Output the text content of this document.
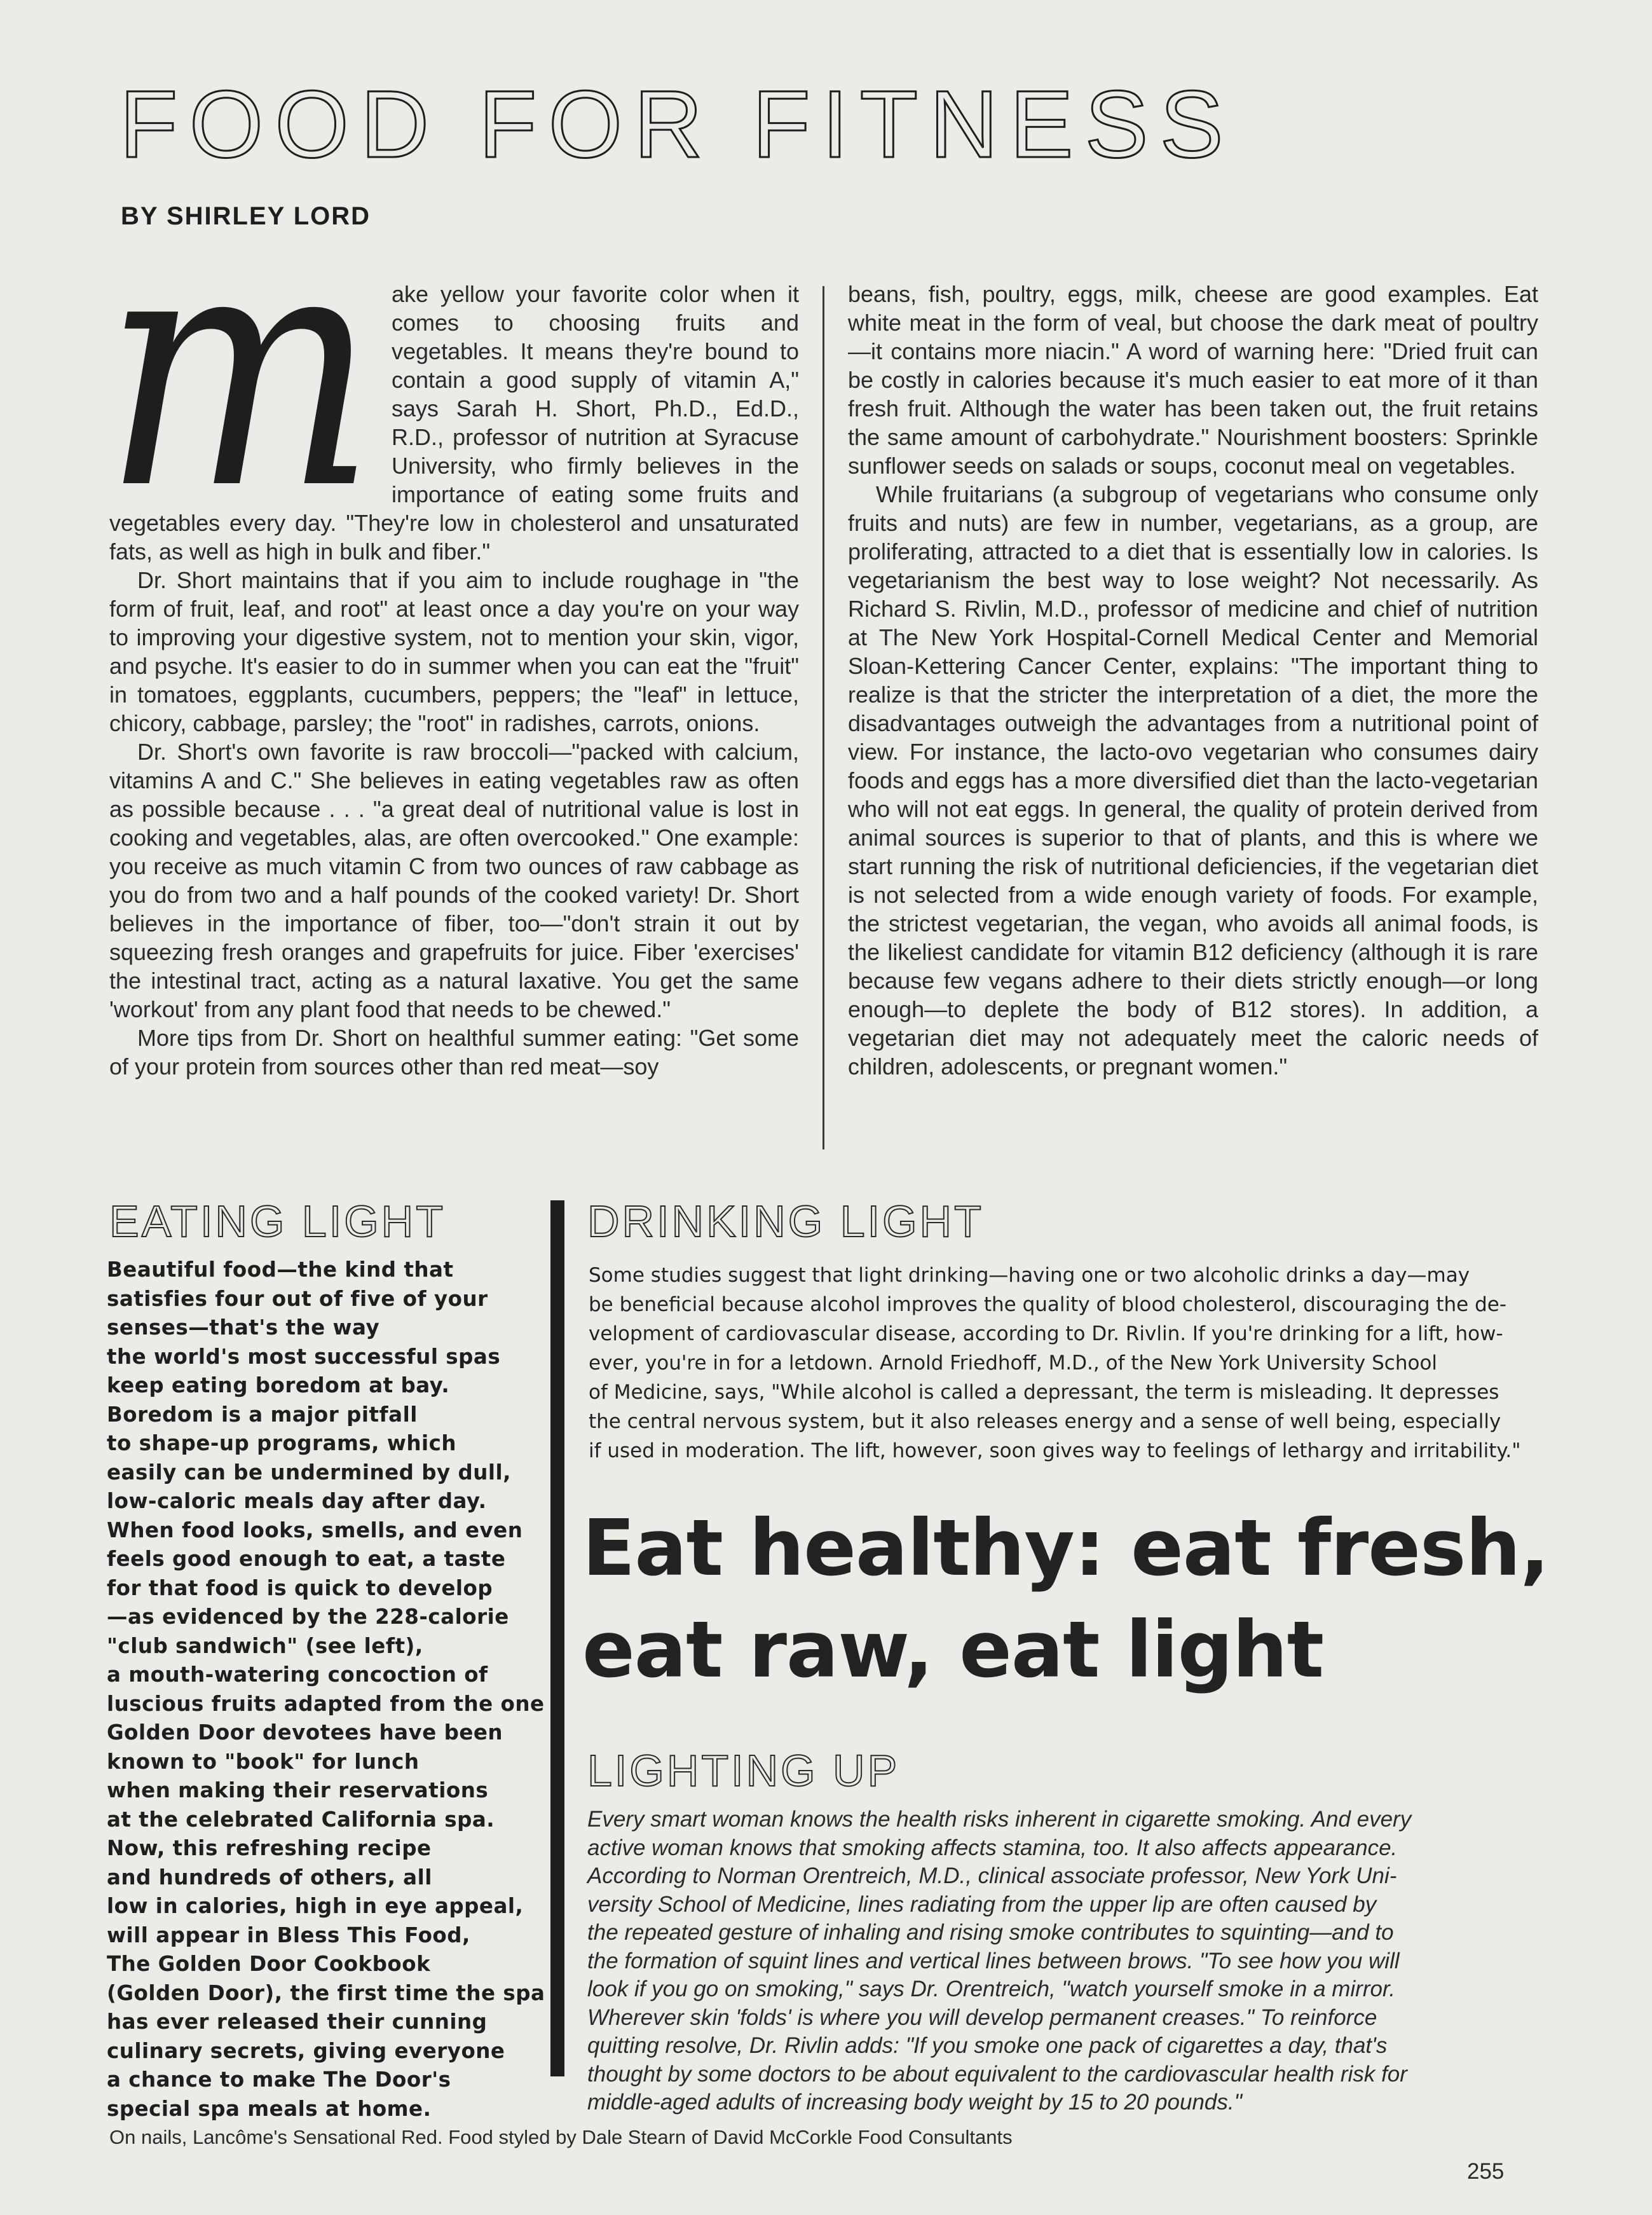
FOOD FOR FITNESS
BY SHIRLEY LORD
m ake yellow your favorite color when it comes to choosing fruits and vegetables. It means they're bound to contain a good supply of vitamin A," says Sarah H. Short, Ph.D., Ed.D., R.D., professor of nutrition at Syracuse University, who firmly believes in the importance of eating some fruits and vegetables every day. "They're low in cholesterol and unsaturated fats, as well as high in bulk and fiber."

Dr. Short maintains that if you aim to include roughage in "the form of fruit, leaf, and root" at least once a day you're on your way to improving your digestive system, not to mention your skin, vigor, and psyche. It's easier to do in summer when you can eat the "fruit" in tomatoes, eggplants, cucumbers, peppers; the "leaf" in lettuce, chicory, cabbage, parsley; the "root" in radishes, carrots, onions.

Dr. Short's own favorite is raw broccoli—"packed with calcium, vitamins A and C." She believes in eating vegetables raw as often as possible because . . . "a great deal of nutritional value is lost in cooking and vegetables, alas, are often overcooked." One example: you receive as much vitamin C from two ounces of raw cabbage as you do from two and a half pounds of the cooked variety! Dr. Short believes in the importance of fiber, too—"don't strain it out by squeezing fresh oranges and grapefruits for juice. Fiber 'exercises' the intestinal tract, acting as a natural laxative. You get the same 'workout' from any plant food that needs to be chewed."

More tips from Dr. Short on healthful summer eating: "Get some of your protein from sources other than red meat—soy

beans, fish, poultry, eggs, milk, cheese are good examples. Eat white meat in the form of veal, but choose the dark meat of poultry—it contains more niacin." A word of warning here: "Dried fruit can be costly in calories because it's much easier to eat more of it than fresh fruit. Although the water has been taken out, the fruit retains the same amount of carbohydrate." Nourishment boosters: Sprinkle sunflower seeds on salads or soups, coconut meal on vegetables.

While fruitarians (a subgroup of vegetarians who consume only fruits and nuts) are few in number, vegetarians, as a group, are proliferating, attracted to a diet that is essentially low in calories. Is vegetarianism the best way to lose weight? Not necessarily. As Richard S. Rivlin, M.D., professor of medicine and chief of nutrition at The New York Hospital-Cornell Medical Center and Memorial Sloan-Kettering Cancer Center, explains: "The important thing to realize is that the stricter the interpretation of a diet, the more the disadvantages outweigh the advantages from a nutritional point of view. For instance, the lacto-ovo vegetarian who consumes dairy foods and eggs has a more diversified diet than the lacto-vegetarian who will not eat eggs. In general, the quality of protein derived from animal sources is superior to that of plants, and this is where we start running the risk of nutritional deficiencies, if the vegetarian diet is not selected from a wide enough variety of foods. For example, the strictest vegetarian, the vegan, who avoids all animal foods, is the likeliest candidate for vitamin B12 deficiency (although it is rare because few vegans adhere to their diets strictly enough—or long enough—to deplete the body of B12 stores). In addition, a vegetarian diet may not adequately meet the caloric needs of children, adolescents, or pregnant women."

EATING LIGHT
Beautiful food—the kind that
satisfies four out of five of your
senses—that's the way
the world's most successful spas
keep eating boredom at bay.
Boredom is a major pitfall
to shape-up programs, which
easily can be undermined by dull,
low-caloric meals day after day.
When food looks, smells, and even
feels good enough to eat, a taste
for that food is quick to develop
—as evidenced by the 228-calorie
"club sandwich" (see left),
a mouth-watering concoction of
luscious fruits adapted from the one
Golden Door devotees have been
known to "book" for lunch
when making their reservations
at the celebrated California spa.
Now, this refreshing recipe
and hundreds of others, all
low in calories, high in eye appeal,
will appear in Bless This Food,
The Golden Door Cookbook
(Golden Door), the first time the spa
has ever released their cunning
culinary secrets, giving everyone
a chance to make The Door's
special spa meals at home.
DRINKING LIGHT
Some studies suggest that light drinking—having one or two alcoholic drinks a day—may
be beneficial because alcohol improves the quality of blood cholesterol, discouraging the de-
velopment of cardiovascular disease, according to Dr. Rivlin. If you're drinking for a lift, how-
ever, you're in for a letdown. Arnold Friedhoff, M.D., of the New York University School
of Medicine, says, "While alcohol is called a depressant, the term is misleading. It depresses
the central nervous system, but it also releases energy and a sense of well being, especially
if used in moderation. The lift, however, soon gives way to feelings of lethargy and irritability."
Eat healthy: eat fresh,
eat raw, eat light
LIGHTING UP
Every smart woman knows the health risks inherent in cigarette smoking. And every
active woman knows that smoking affects stamina, too. It also affects appearance.
According to Norman Orentreich, M.D., clinical associate professor, New York Uni-
versity School of Medicine, lines radiating from the upper lip are often caused by
the repeated gesture of inhaling and rising smoke contributes to squinting—and to
the formation of squint lines and vertical lines between brows. "To see how you will
look if you go on smoking," says Dr. Orentreich, "watch yourself smoke in a mirror.
Wherever skin 'folds' is where you will develop permanent creases." To reinforce
quitting resolve, Dr. Rivlin adds: "If you smoke one pack of cigarettes a day, that's
thought by some doctors to be about equivalent to the cardiovascular health risk for
middle-aged adults of increasing body weight by 15 to 20 pounds."
On nails, Lancôme's Sensational Red. Food styled by Dale Stearn of David McCorkle Food Consultants
255
